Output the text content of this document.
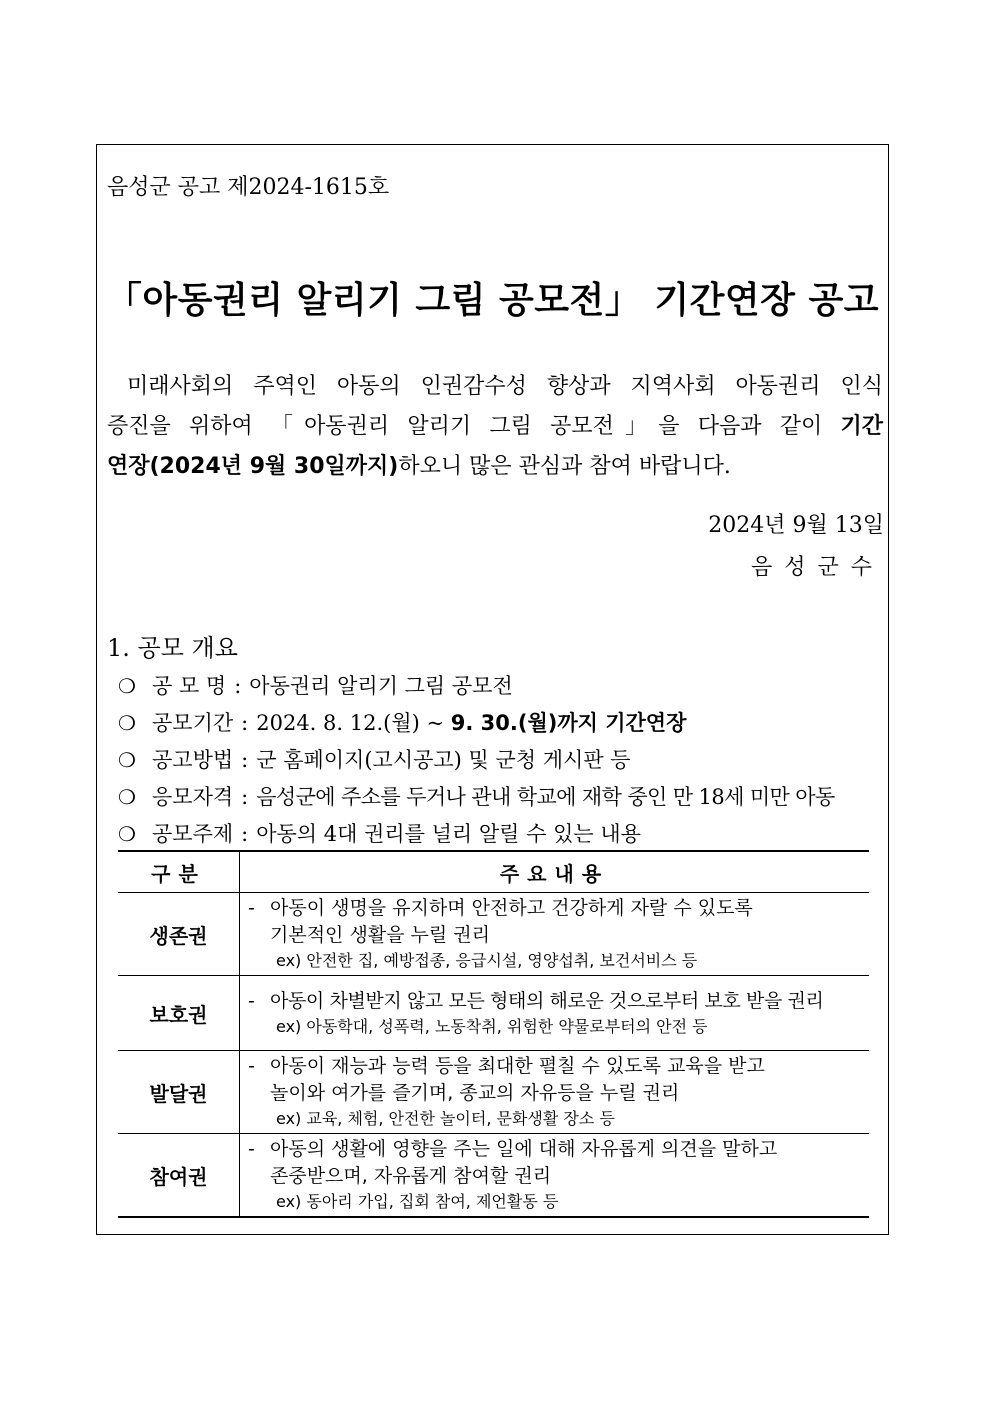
음성군 공고 제2024-1615호
「아동권리 알리기 그림 공모전」 기간연장 공고
미래사회의 주역인 아동의 인권감수성 향상과 지역사회 아동권리 인식
증진을 위하여 「아동권리 알리기 그림 공모전」을 다음과 같이 기간
연장(2024년 9월 30일까지)하오니 많은 관심과 참여 바랍니다.
2024년 9월 13일
음성군수
1. 공모 개요
❍ 공 모 명 : 아동권리 알리기 그림 공모전
❍ 공모기간 : 2024. 8. 12.(월) ~ 9. 30.(월)까지 기간연장
❍ 공고방법 : 군 홈페이지(고시공고) 및 군청 게시판 등
❍ 응모자격 : 음성군에 주소를 두거나 관내 학교에 재학 중인 만 18세 미만 아동
❍ 공모주제 : 아동의 4대 권리를 널리 알릴 수 있는 내용
구분	주요내용
생존권	- 아동이 생명을 유지하며 안전하고 건강하게 자랄 수 있도록
기본적인 생활을 누릴 권리
ex) 안전한 집, 예방접종, 응급시설, 영양섭취, 보건서비스 등

보호권	- 아동이 차별받지 않고 모든 형태의 해로운 것으로부터 보호 받을 권리
ex) 아동학대, 성폭력, 노동착취, 위험한 약물로부터의 안전 등

발달권	- 아동이 재능과 능력 등을 최대한 펼칠 수 있도록 교육을 받고
놀이와 여가를 즐기며, 종교의 자유등을 누릴 권리
ex) 교육, 체험, 안전한 놀이터, 문화생활 장소 등

참여권	- 아동의 생활에 영향을 주는 일에 대해 자유롭게 의견을 말하고
존중받으며, 자유롭게 참여할 권리
ex) 동아리 가입, 집회 참여, 제언활동 등
